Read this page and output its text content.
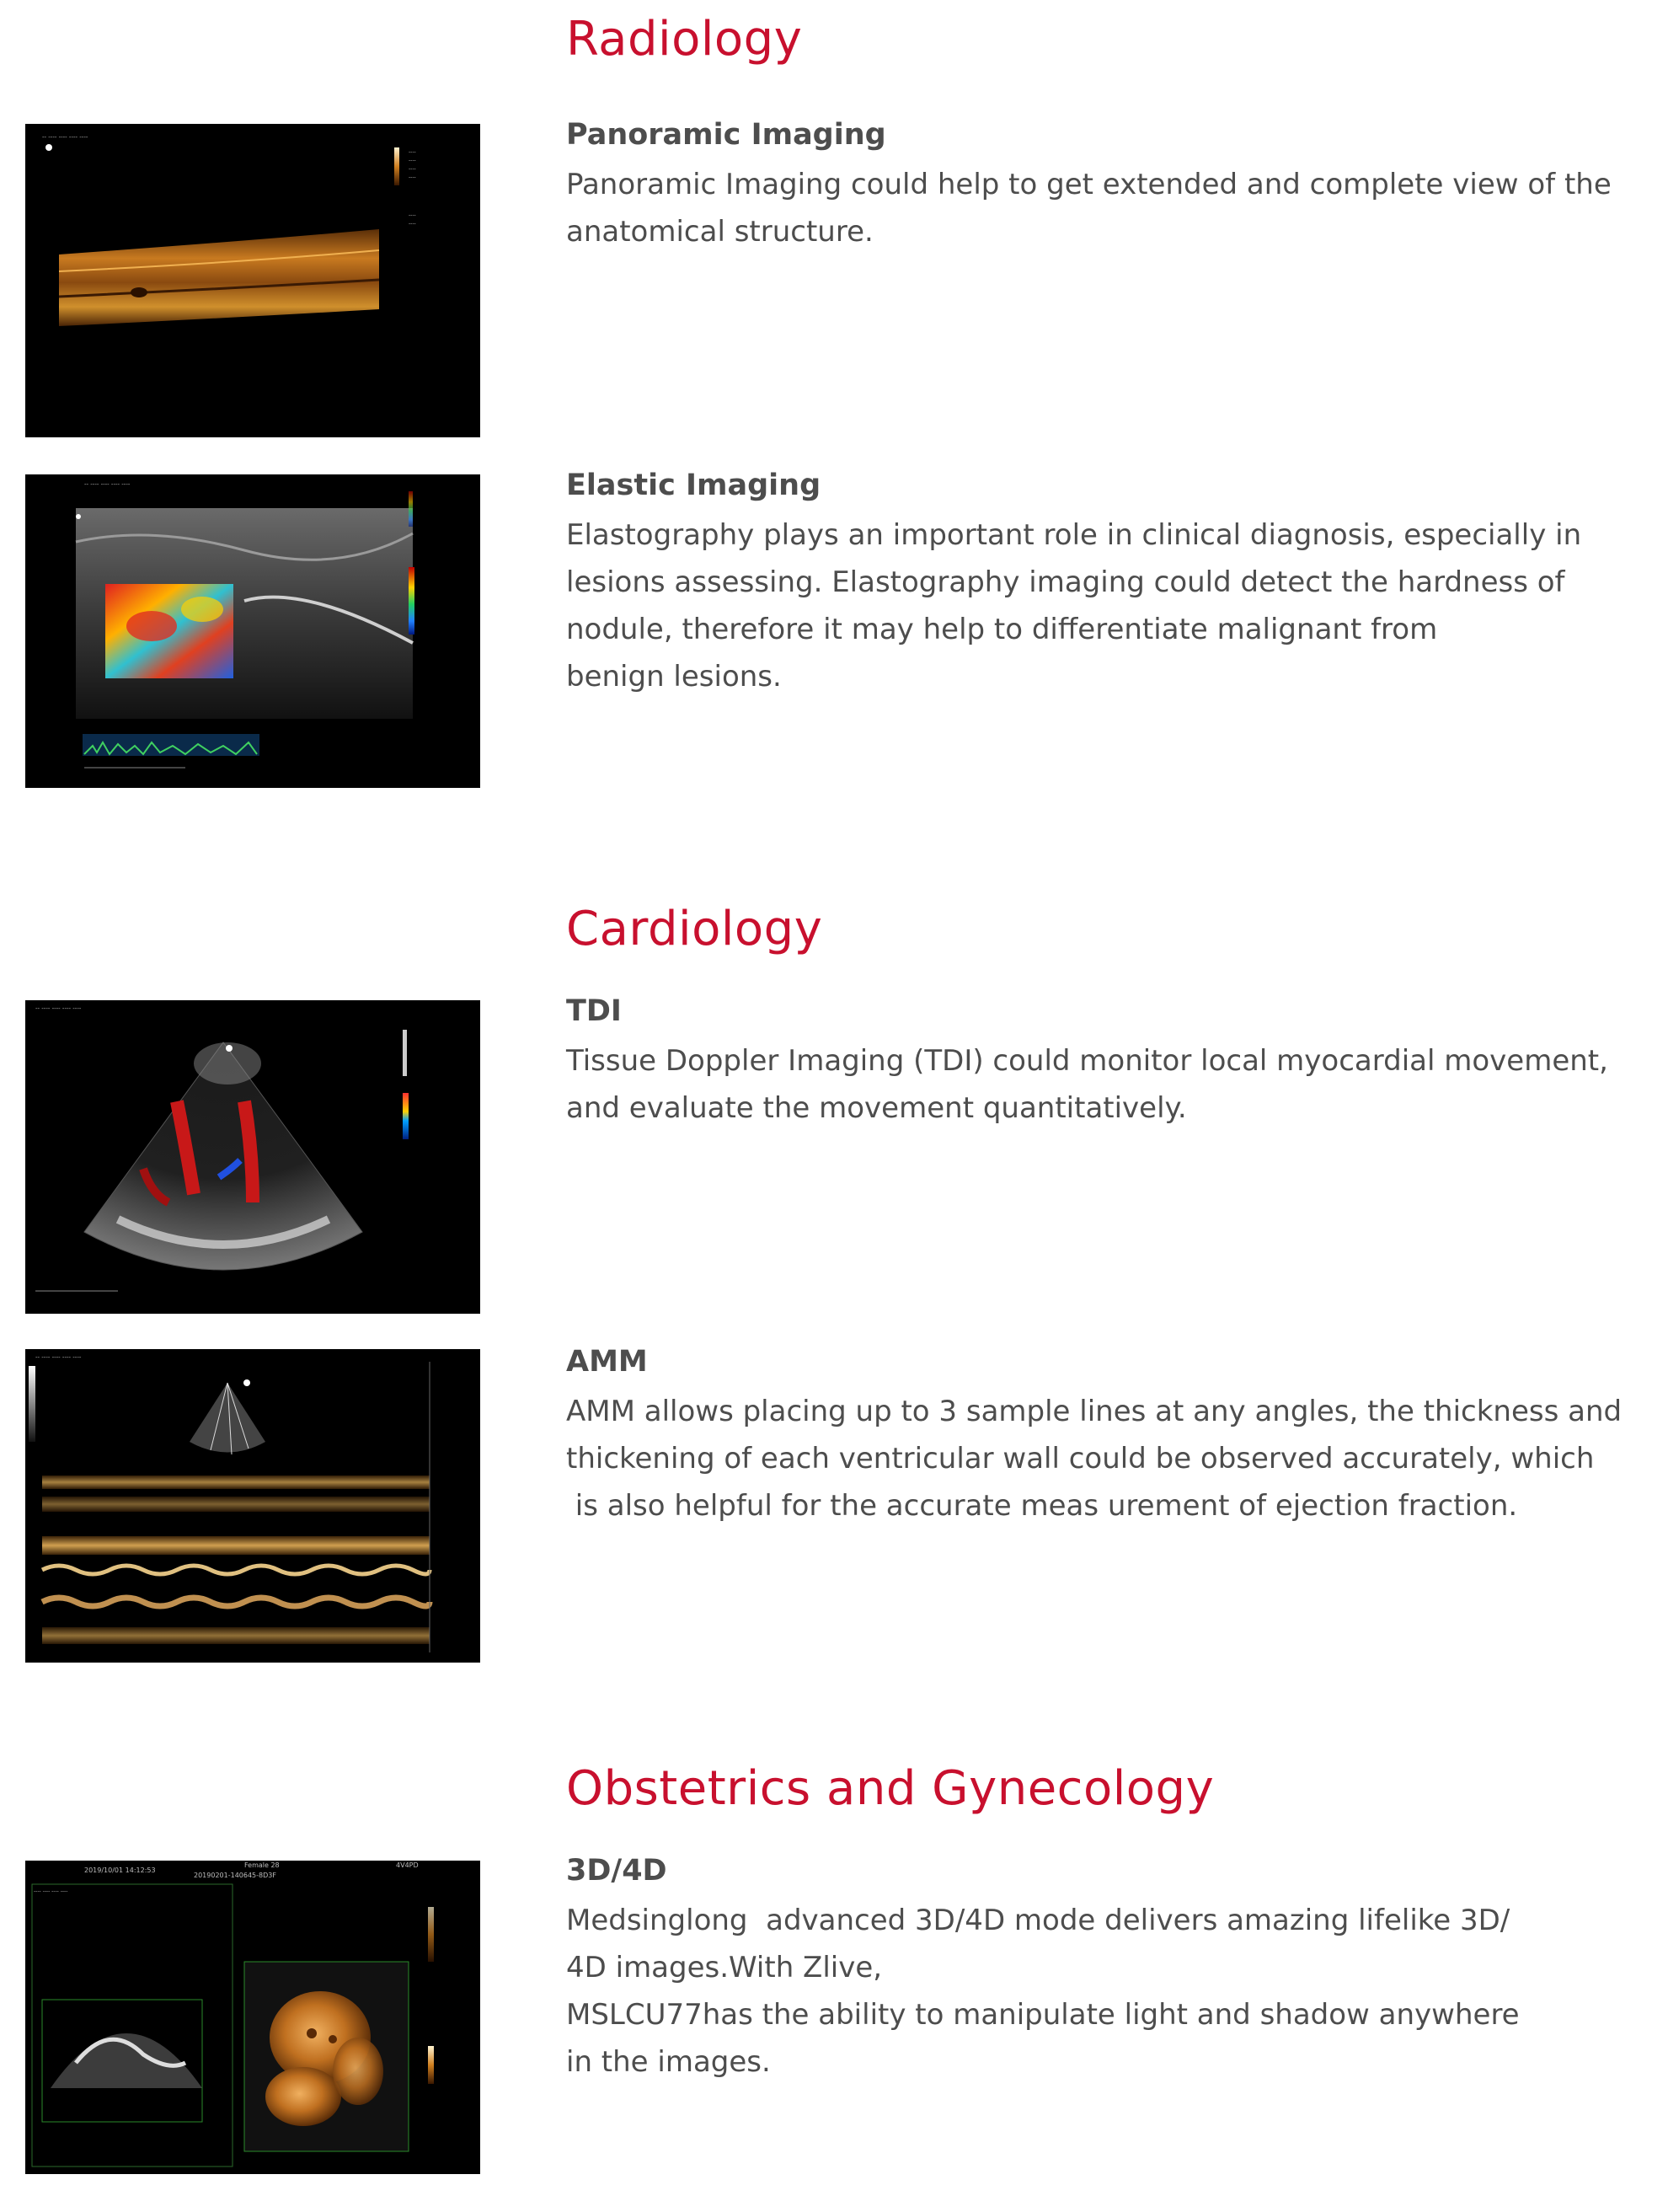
Radiology
-- ---- ---- ---- ----
----
----
----
----
----
----
Panoramic Imaging

Panoramic Imaging could help to get extended and complete view of the
anatomical structure.

-- ---- ---- ---- ----	Elastic Imaging

Elastography plays an important role in clinical diagnosis, especially in
lesions assessing. Elastography imaging could detect the hardness of
nodule, therefore it may help to differentiate malignant from
benign lesions.

Cardiology
-- ---- ---- ---- ----	TDI

Tissue Doppler Imaging (TDI) could monitor local myocardial movement,
and evaluate the movement quantitatively.

-- ---- ---- ---- ----	AMM

AMM allows placing up to 3 sample lines at any angles, the thickness and
thickening of each ventricular wall could be observed accurately, which
is also helpful for the accurate meas urement of ejection fraction.

Obstetrics and Gynecology
2019/10/01 14:12:53
Female 28
20190201-140645-8D3F
4V4PD
---- ---- ---- ----
3D/4D

Medsinglong  advanced 3D/4D mode delivers amazing lifelike 3D/
4D images.With Zlive,
MSLCU77has the ability to manipulate light and shadow anywhere
in the images.
